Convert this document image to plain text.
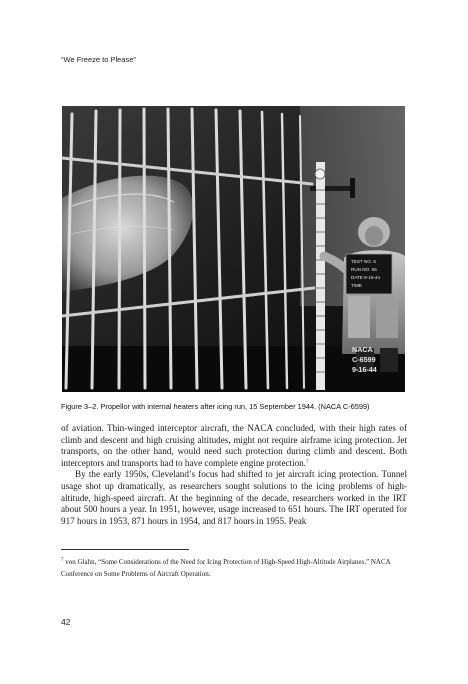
“We Freeze to Please”
TEST NO. 5
RUN NO. 55
DATE 9-15-44
TIME
NACA
C-6599
9-16-44
Figure 3–2. Propellor with internal heaters after icing run, 15 September 1944. (NACA C-6599)

of aviation. Thin-winged interceptor aircraft, the NACA concluded, with their high rates of climb and descent and high cruising altitudes, might not require airframe icing protection. Jet transports, on the other hand, would need such protection during climb and descent. Both interceptors and transports had to have complete engine protection.$^7$

By the early 1950s, Cleveland’s focus had shifted to jet aircraft icing protection. Tunnel usage shot up dramatically, as researchers sought solutions to the icing problems of high-altitude, high-speed aircraft. At the beginning of the decade, researchers worked in the IRT about 500 hours a year. In 1951, however, usage increased to 651 hours. The IRT operated for 917 hours in 1953, 871 hours in 1954, and 817 hours in 1955. Peak

$^7$ von Glahn, “Some Considerations of the Need for Icing Protection of High-Speed High-Altitude Airplanes,” NACA Conference on Some Problems of Aircraft Operation.

42
